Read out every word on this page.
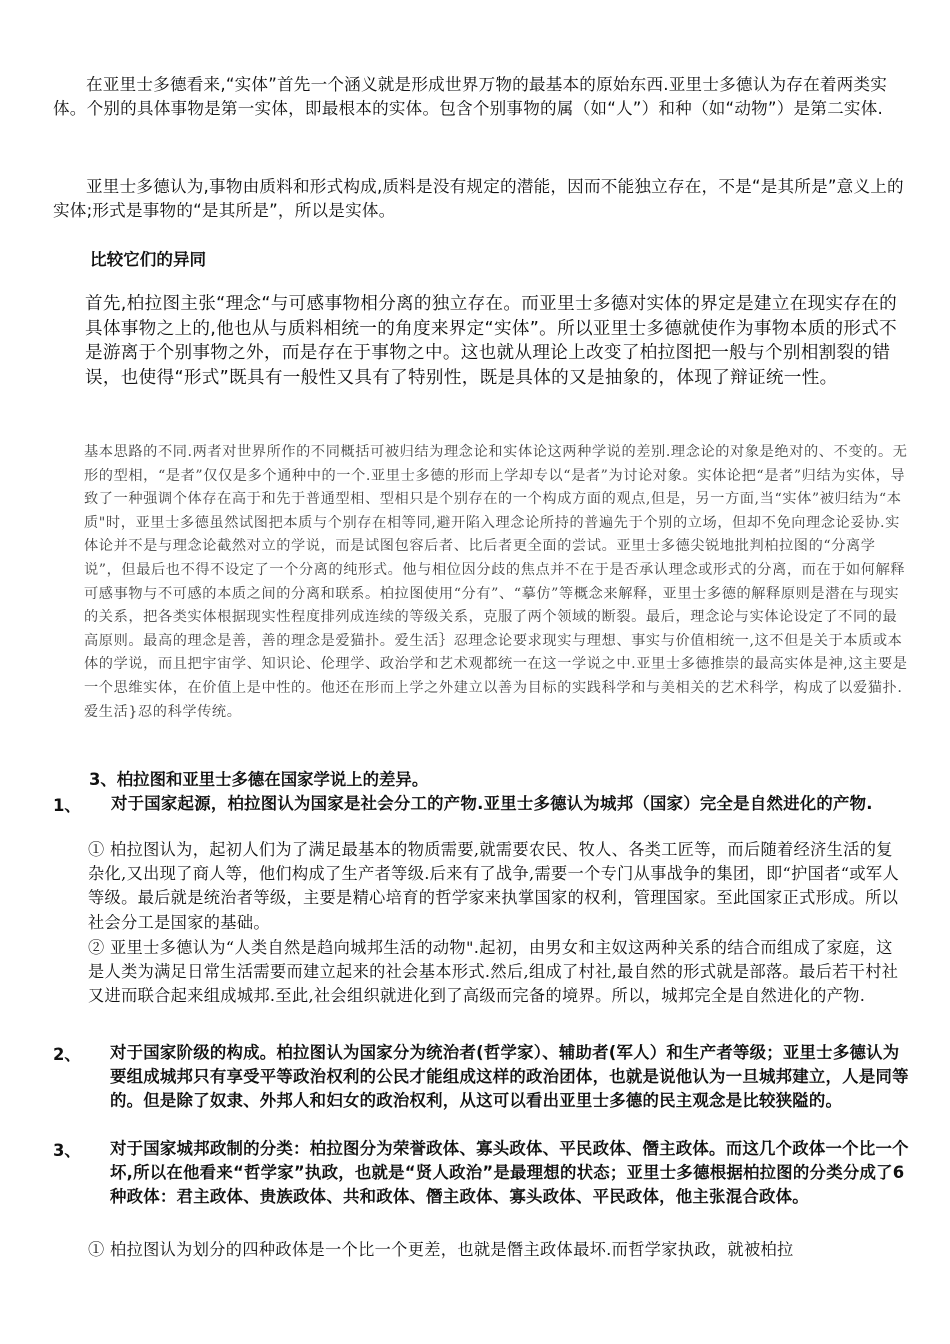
在亚里士多德看来,“实体”首先一个涵义就是形成世界万物的最基本的原始东西.亚里士多德认为存在着两类实体。个别的具体事物是第一实体，即最根本的实体。包含个别事物的属（如“人”）和种（如“动物”）是第二实体.

亚里士多德认为,事物由质料和形式构成,质料是没有规定的潜能，因而不能独立存在，不是“是其所是”意义上的实体;形式是事物的“是其所是”，所以是实体。

比较它们的异同

首先,柏拉图主张“理念“与可感事物相分离的独立存在。而亚里士多德对实体的界定是建立在现实存在的具体事物之上的,他也从与质料相统一的角度来界定“实体”。所以亚里士多德就使作为事物本质的形式不是游离于个别事物之外，而是存在于事物之中。这也就从理论上改变了柏拉图把一般与个别相割裂的错误，也使得“形式”既具有一般性又具有了特别性，既是具体的又是抽象的，体现了辩证统一性。

基本思路的不同.两者对世界所作的不同概括可被归结为理念论和实体论这两种学说的差别.理念论的对象是绝对的、不变的。无形的型相，“是者”仅仅是多个通种中的一个.亚里士多德的形而上学却专以“是者”为讨论对象。实体论把“是者”归结为实体，导致了一种强调个体存在高于和先于普通型相、型相只是个别存在的一个构成方面的观点,但是，另一方面,当“实体”被归结为“本质"时，亚里士多德虽然试图把本质与个别存在相等同,避开陷入理念论所持的普遍先于个别的立场，但却不免向理念论妥协.实体论并不是与理念论截然对立的学说，而是试图包容后者、比后者更全面的尝试。亚里士多德尖锐地批判柏拉图的“分离学说”，但最后也不得不设定了一个分离的纯形式。他与相位因分歧的焦点并不在于是否承认理念或形式的分离，而在于如何解释可感事物与不可感的本质之间的分离和联系。柏拉图使用“分有”、“摹仿”等概念来解释，亚里士多德的解释原则是潜在与现实的关系，把各类实体根据现实性程度排列成连续的等级关系，克服了两个领域的断裂。最后，理念论与实体论设定了不同的最高原则。最高的理念是善，善的理念是爱猫扑。爱生活｝忍理念论要求现实与理想、事实与价值相统一,这不但是关于本质或本体的学说，而且把宇宙学、知识论、伦理学、政治学和艺术观都统一在这一学说之中.亚里士多德推崇的最高实体是神,这主要是一个思维实体，在价值上是中性的。他还在形而上学之外建立以善为目标的实践科学和与美相关的艺术科学，构成了以爱猫扑.爱生活}忍的科学传统。

3、柏拉图和亚里士多德在国家学说上的差异。

1、	对于国家起源，柏拉图认为国家是社会分工的产物.亚里士多德认为城邦（国家）完全是自然进化的产物.

① 柏拉图认为，起初人们为了满足最基本的物质需要,就需要农民、牧人、各类工匠等，而后随着经济生活的复杂化,又出现了商人等，他们构成了生产者等级.后来有了战争,需要一个专门从事战争的集团，即“护国者“或军人等级。最后就是统治者等级，主要是精心培育的哲学家来执掌国家的权利，管理国家。至此国家正式形成。所以社会分工是国家的基础。

② 亚里士多德认为“人类自然是趋向城邦生活的动物".起初，由男女和主奴这两种关系的结合而组成了家庭，这是人类为满足日常生活需要而建立起来的社会基本形式.然后,组成了村社,最自然的形式就是部落。最后若干村社又进而联合起来组成城邦.至此,社会组织就进化到了高级而完备的境界。所以，城邦完全是自然进化的产物.

2、 对于国家阶级的构成。柏拉图认为国家分为统治者(哲学家）、辅助者(军人）和生产者等级；亚里士多德认为要组成城邦只有享受平等政治权利的公民才能组成这样的政治团体，也就是说他认为一旦城邦建立，人是同等的。但是除了奴隶、外邦人和妇女的政治权利，从这可以看出亚里士多德的民主观念是比较狭隘的。

3、 对于国家城邦政制的分类：柏拉图分为荣誉政体、寡头政体、平民政体、僭主政体。而这几个政体一个比一个坏,所以在他看来“哲学家”执政，也就是“贤人政治”是最理想的状态；亚里士多德根据柏拉图的分类分成了6种政体：君主政体、贵族政体、共和政体、僭主政体、寡头政体、平民政体，他主张混合政体。

① 柏拉图认为划分的四种政体是一个比一个更差，也就是僭主政体最坏.而哲学家执政，就被柏拉
